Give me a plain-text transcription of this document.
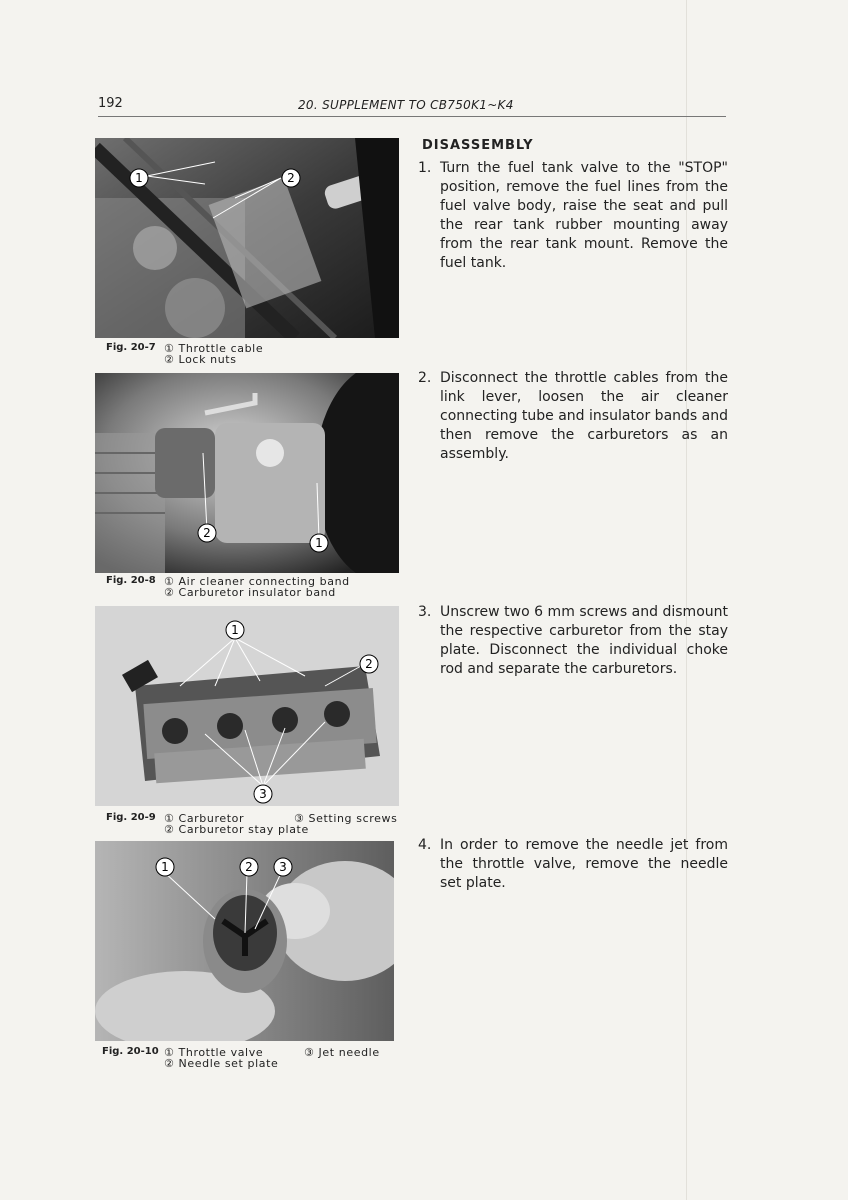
192	20. SUPPLEMENT TO CB750K1~K4
1	2
Fig. 20-7 ① Throttle cable
② Lock nuts
2
1
Fig. 20-8 ① Air cleaner connecting band
② Carburetor insulator band
1
2
3
Fig. 20-9 ① Carburetor	③ Setting screws
② Carburetor stay plate
1	2 3
Fig. 20-10 ① Throttle valve	③ Jet needle
② Needle set plate
DISASSEMBLY
1. Turn the fuel tank valve to the "STOP" position, remove the fuel lines from the fuel valve body, raise the seat and pull the rear tank rubber mounting away from the rear tank mount. Remove the fuel tank.
2. Disconnect the throttle cables from the link lever, loosen the air cleaner connecting tube and insulator bands and then remove the carburetors as an assembly.
3. Unscrew two 6 mm screws and dismount the respective carburetor from the stay plate. Disconnect the individual choke rod and separate the carburetors.
4. In order to remove the needle jet from the throttle valve, remove the needle set plate.
